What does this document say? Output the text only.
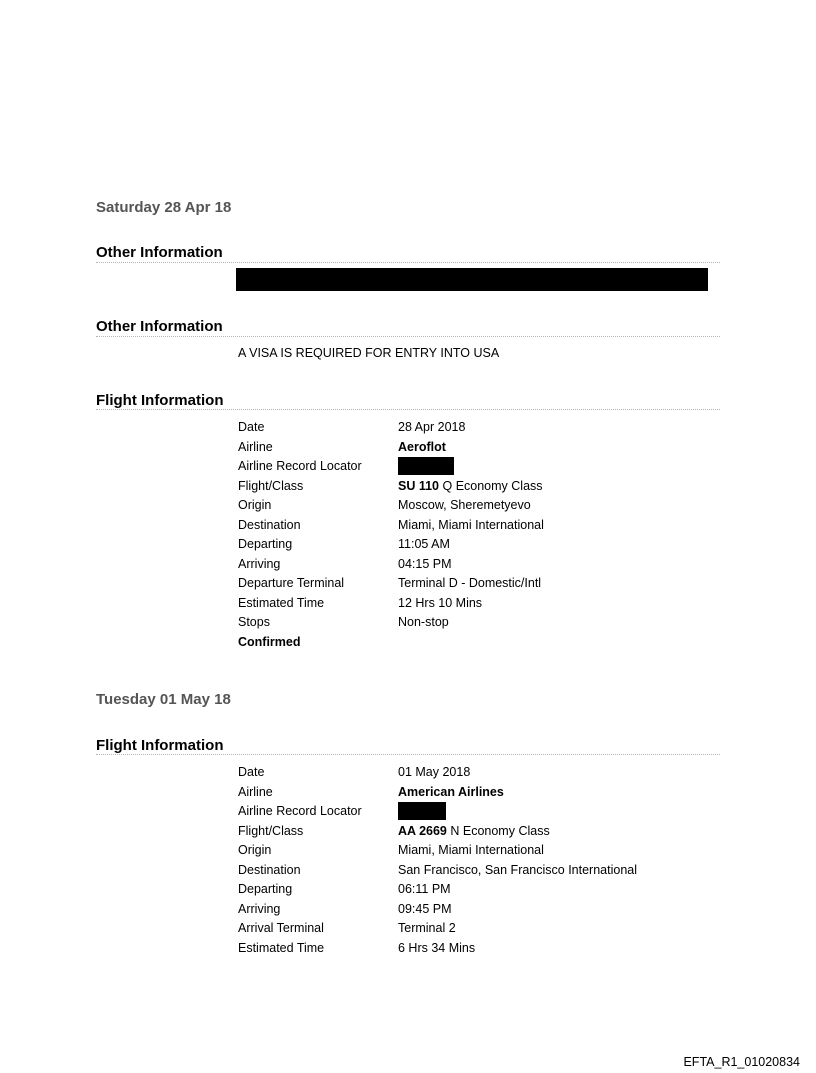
Saturday 28 Apr 18
Other Information
Other Information
A VISA IS REQUIRED FOR ENTRY INTO USA
Flight Information
Date	28 Apr 2018
Airline	Aeroflot
Airline Record Locator
Flight/Class	SU 110 Q Economy Class
Origin	Moscow, Sheremetyevo
Destination	Miami, Miami International
Departing	11:05 AM
Arriving	04:15 PM
Departure Terminal	Terminal D - Domestic/Intl
Estimated Time	12 Hrs 10 Mins
Stops	Non-stop
Confirmed
Tuesday 01 May 18
Flight Information
Date	01 May 2018
Airline	American Airlines
Airline Record Locator
Flight/Class	AA 2669 N Economy Class
Origin	Miami, Miami International
Destination	San Francisco, San Francisco International
Departing	06:11 PM
Arriving	09:45 PM
Arrival Terminal	Terminal 2
Estimated Time	6 Hrs 34 Mins
EFTA_R1_01020834
